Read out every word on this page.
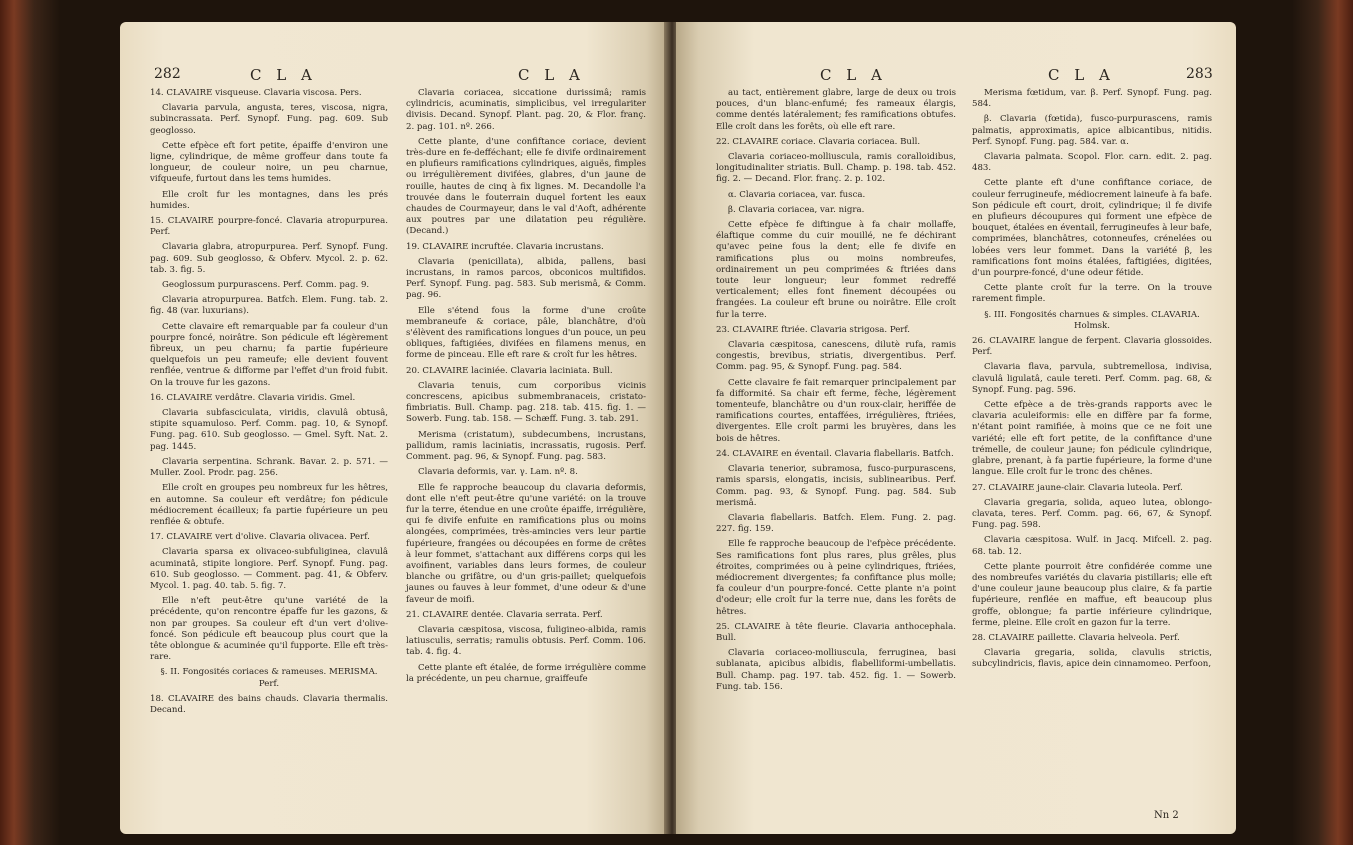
282	C L A	C L A

14. CLAVAIRE visqueuse. Clavaria viscosa. Pers.

Clavaria parvula, angusta, teres, viscosa, nigra, subincrassata. Perf. Synopf. Fung. pag. 609. Sub geoglosso.

Cette efpèce eft fort petite, épaiffe d'environ une ligne, cylindrique, de même groffeur dans toute fa longueur, de couleur noire, un peu charnue, vifqueufe, furtout dans les tems humides.

Elle croît fur les montagnes, dans les prés humides.

15. CLAVAIRE pourpre-foncé. Clavaria atropurpurea. Perf.

Clavaria glabra, atropurpurea. Perf. Synopf. Fung. pag. 609. Sub geoglosso, & Obferv. Mycol. 2. p. 62. tab. 3. fig. 5.

Geoglossum purpurascens. Perf. Comm. pag. 9.

Clavaria atropurpurea. Batfch. Elem. Fung. tab. 2. fig. 48 (var. luxurians).

Cette clavaire eft remarquable par fa couleur d'un pourpre foncé, noirâtre. Son pédicule eft légèrement fibreux, un peu charnu; fa partie fupérieure quelquefois un peu rameufe; elle devient fouvent renflée, ventrue & difforme par l'effet d'un froid fubit. On la trouve fur les gazons.

16. CLAVAIRE verdâtre. Clavaria viridis. Gmel.

Clavaria subfasciculata, viridis, clavulâ obtusâ, stipite squamuloso. Perf. Comm. pag. 10, & Synopf. Fung. pag. 610. Sub geoglosso. — Gmel. Syft. Nat. 2. pag. 1445.

Clavaria serpentina. Schrank. Bavar. 2. p. 571. — Muller. Zool. Prodr. pag. 256.

Elle croît en groupes peu nombreux fur les hêtres, en automne. Sa couleur eft verdâtre; fon pédicule médiocrement écailleux; fa partie fupérieure un peu renflée & obtufe.

17. CLAVAIRE vert d'olive. Clavaria olivacea. Perf.

Clavaria sparsa ex olivaceo-subfuliginea, clavulâ acuminatâ, stipite longiore. Perf. Synopf. Fung. pag. 610. Sub geoglosso. — Comment. pag. 41, & Obferv. Mycol. 1. pag. 40. tab. 5. fig. 7.

Elle n'eft peut-être qu'une variété de la précédente, qu'on rencontre épaffe fur les gazons, & non par groupes. Sa couleur eft d'un vert d'olive-foncé. Son pédicule eft beaucoup plus court que la tête oblongue & acuminée qu'il fupporte. Elle eft très-rare.

§. II. Fongosités coriaces & rameuses. MERISMA. Perf.

18. CLAVAIRE des bains chauds. Clavaria thermalis. Decand.

Clavaria coriacea, siccatione durissimâ; ramis cylindricis, acuminatis, simplicibus, vel irregulariter divisis. Decand. Synopf. Plant. pag. 20, & Flor. franç. 2. pag. 101. nº. 266.

Cette plante, d'une confiftance coriace, devient très-dure en fe-defféchant; elle fe divife ordinairement en plufieurs ramifications cylindriques, aiguës, fimples ou irrégulièrement divifées, glabres, d'un jaune de rouille, hautes de cinq à fix lignes. M. Decandolle l'a trouvée dans le fouterrain duquel fortent les eaux chaudes de Courmayeur, dans le val d'Aoft, adhérente aux poutres par une dilatation peu régulière. (Decand.)

19. CLAVAIRE incruftée. Clavaria incrustans.

Clavaria (penicillata), albida, pallens, basi incrustans, in ramos parcos, obconicos multifidos. Perf. Synopf. Fung. pag. 583. Sub merismâ, & Comm. pag. 96.

Elle s'étend fous la forme d'une croûte membraneufe & coriace, pâle, blanchâtre, d'où s'élèvent des ramifications longues d'un pouce, un peu obliques, faftigiées, divifées en filamens menus, en forme de pinceau. Elle eft rare & croît fur les hêtres.

20. CLAVAIRE laciniée. Clavaria laciniata. Bull.

Clavaria tenuis, cum corporibus vicinis concrescens, apicibus submembranaceis, cristato-fimbriatis. Bull. Champ. pag. 218. tab. 415. fig. 1. — Sowerb. Fung. tab. 158. — Schæff. Fung. 3. tab. 291.

Merisma (cristatum), subdecumbens, incrustans, pallidum, ramis laciniatis, incrassatis, rugosis. Perf. Comment. pag. 96, & Synopf. Fung. pag. 583.

Clavaria deformis, var. γ. Lam. nº. 8.

Elle fe rapproche beaucoup du clavaria deformis, dont elle n'eft peut-être qu'une variété: on la trouve fur la terre, étendue en une croûte épaiffe, irrégulière, qui fe divife enfuite en ramifications plus ou moins alongées, comprimées, très-amincies vers leur partie fupérieure, frangées ou découpées en forme de crêtes à leur fommet, s'attachant aux différens corps qui les avoifinent, variables dans leurs formes, de couleur blanche ou grifâtre, ou d'un gris-paillet; quelquefois jaunes ou fauves à leur fommet, d'une odeur & d'une faveur de moifi.

21. CLAVAIRE dentée. Clavaria serrata. Perf.

Clavaria cæspitosa, viscosa, fuligineo-albida, ramis latiusculis, serratis; ramulis obtusis. Perf. Comm. 106. tab. 4. fig. 4.

Cette plante eft étalée, de forme irrégulière comme la précédente, un peu charnue, graiffeufe

C L A	C L A	283

au tact, entièrement glabre, large de deux ou trois pouces, d'un blanc-enfumé; fes rameaux élargis, comme dentés latéralement; fes ramifications obtufes. Elle croît dans les forêts, où elle eft rare.

22. CLAVAIRE coriace. Clavaria coriacea. Bull.

Clavaria coriaceo-molliuscula, ramis coralloidibus, longitudinaliter striatis. Bull. Champ. p. 198. tab. 452. fig. 2. — Decand. Flor. franç. 2. p. 102.

α. Clavaria coriacea, var. fusca.

β. Clavaria coriacea, var. nigra.

Cette efpèce fe diftingue à fa chair mollaffe, élaftique comme du cuir mouillé, ne fe déchirant qu'avec peine fous la dent; elle fe divife en ramifications plus ou moins nombreufes, ordinairement un peu comprimées & ftriées dans toute leur longueur; leur fommet redreffé verticalement; elles font finement découpées ou frangées. La couleur eft brune ou noirâtre. Elle croît fur la terre.

23. CLAVAIRE ftriée. Clavaria strigosa. Perf.

Clavaria cæspitosa, canescens, dilutè rufa, ramis congestis, brevibus, striatis, divergentibus. Perf. Comm. pag. 95, & Synopf. Fung. pag. 584.

Cette clavaire fe fait remarquer principalement par fa difformité. Sa chair eft ferme, fèche, légèrement tomenteufe, blanchâtre ou d'un roux-clair, heriffée de ramifications courtes, entaffées, irrégulières, ftriées, divergentes. Elle croît parmi les bruyères, dans les bois de hêtres.

24. CLAVAIRE en éventail. Clavaria flabellaris. Batfch.

Clavaria tenerior, subramosa, fusco-purpurascens, ramis sparsis, elongatis, incisis, sublinearibus. Perf. Comm. pag. 93, & Synopf. Fung. pag. 584. Sub merismâ.

Clavaria flabellaris. Batfch. Elem. Fung. 2. pag. 227. fig. 159.

Elle fe rapproche beaucoup de l'efpèce précédente. Ses ramifications font plus rares, plus grêles, plus étroites, comprimées ou à peine cylindriques, ftriées, médiocrement divergentes; fa confiftance plus molle; fa couleur d'un pourpre-foncé. Cette plante n'a point d'odeur; elle croît fur la terre nue, dans les forêts de hêtres.

25. CLAVAIRE à tête fleurie. Clavaria anthocephala. Bull.

Clavaria coriaceo-molliuscula, ferruginea, basi sublanata, apicibus albidis, flabelliformi-umbellatis. Bull. Champ. pag. 197. tab. 452. fig. 1. — Sowerb. Fung. tab. 156.

Merisma fœtidum, var. β. Perf. Synopf. Fung. pag. 584.

β. Clavaria (fœtida), fusco-purpurascens, ramis palmatis, approximatis, apice albicantibus, nitidis. Perf. Synopf. Fung. pag. 584. var. α.

Clavaria palmata. Scopol. Flor. carn. edit. 2. pag. 483.

Cette plante eft d'une confiftance coriace, de couleur ferrugineufe, médiocrement laineufe à fa bafe. Son pédicule eft court, droit, cylindrique; il fe divife en plufieurs découpures qui forment une efpèce de bouquet, étalées en éventail, ferrugineufes à leur bafe, comprimées, blanchâtres, cotonneufes, crénelées ou lobées vers leur fommet. Dans la variété β, les ramifications font moins étalées, faftigiées, digitées, d'un pourpre-foncé, d'une odeur fétide.

Cette plante croît fur la terre. On la trouve rarement fimple.

§. III. Fongosités charnues & simples. CLAVARIA. Holmsk.

26. CLAVAIRE langue de ferpent. Clavaria glossoides. Perf.

Clavaria flava, parvula, subtremellosa, indivisa, clavulâ ligulatâ, caule tereti. Perf. Comm. pag. 68, & Synopf. Fung. pag. 596.

Cette efpèce a de très-grands rapports avec le clavaria aculeiformis: elle en diffère par fa forme, n'étant point ramifiée, à moins que ce ne foit une variété; elle eft fort petite, de la confiftance d'une trémelle, de couleur jaune; fon pédicule cylindrique, glabre, prenant, à fa partie fupérieure, la forme d'une langue. Elle croît fur le tronc des chênes.

27. CLAVAIRE jaune-clair. Clavaria luteola. Perf.

Clavaria gregaria, solida, aqueo lutea, oblongo-clavata, teres. Perf. Comm. pag. 66, 67, & Synopf. Fung. pag. 598.

Clavaria cæspitosa. Wulf. in Jacq. Mifcell. 2. pag. 68. tab. 12.

Cette plante pourroit être confidérée comme une des nombreufes variétés du clavaria pistillaris; elle eft d'une couleur jaune beaucoup plus claire, & fa partie fupérieure, renflée en maffue, eft beaucoup plus groffe, oblongue; fa partie inférieure cylindrique, ferme, pleine. Elle croît en gazon fur la terre.

28. CLAVAIRE paillette. Clavaria helveola. Perf.

Clavaria gregaria, solida, clavulis strictis, subcylindricis, flavis, apice dein cinnamomeo. Perfoon,

Nn 2
